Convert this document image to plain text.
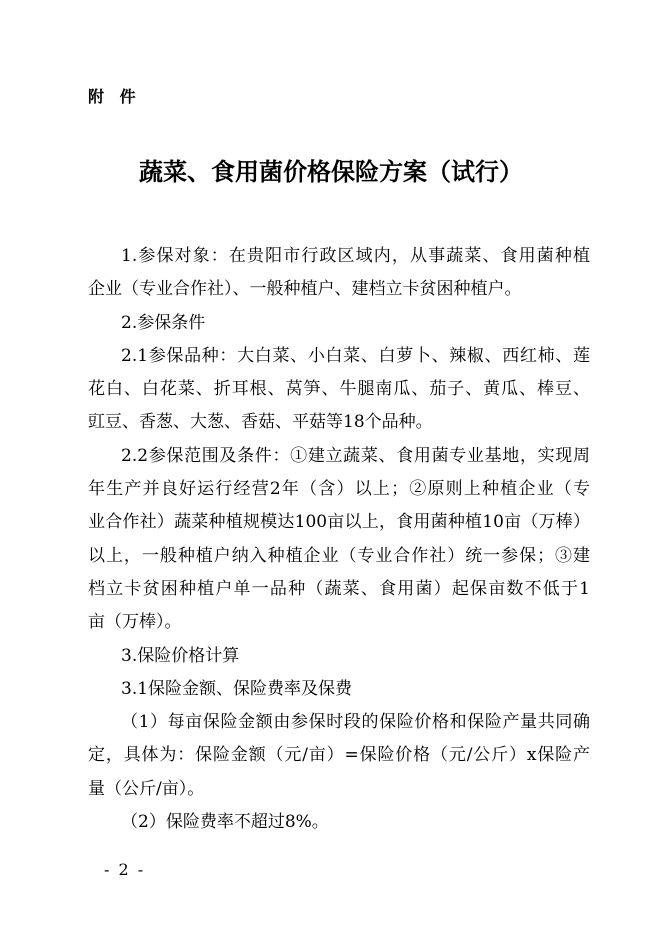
附 件
蔬菜、食用菌价格保险方案（试行）
1.参保对象：在贵阳市行政区域内，从事蔬菜、食用菌种植
企业（专业合作社）、一般种植户、建档立卡贫困种植户。
2.参保条件
2.1参保品种：大白菜、小白菜、白萝卜、辣椒、西红柿、莲
花白、白花菜、折耳根、莴笋、牛腿南瓜、茄子、黄瓜、棒豆、
豇豆、香葱、大葱、香菇、平菇等18个品种。
2.2参保范围及条件：①建立蔬菜、食用菌专业基地，实现周
年生产并良好运行经营2年（含）以上；②原则上种植企业（专
业合作社）蔬菜种植规模达100亩以上，食用菌种植10亩（万棒）
以上，一般种植户纳入种植企业（专业合作社）统一参保；③建
档立卡贫困种植户单一品种（蔬菜、食用菌）起保亩数不低于1
亩（万棒）。
3.保险价格计算
3.1保险金额、保险费率及保费
（1）每亩保险金额由参保时段的保险价格和保险产量共同确
定，具体为：保险金额（元/亩）=保险价格（元/公斤）x保险产
量（公斤/亩）。
（2）保险费率不超过8%。
- 2 -
